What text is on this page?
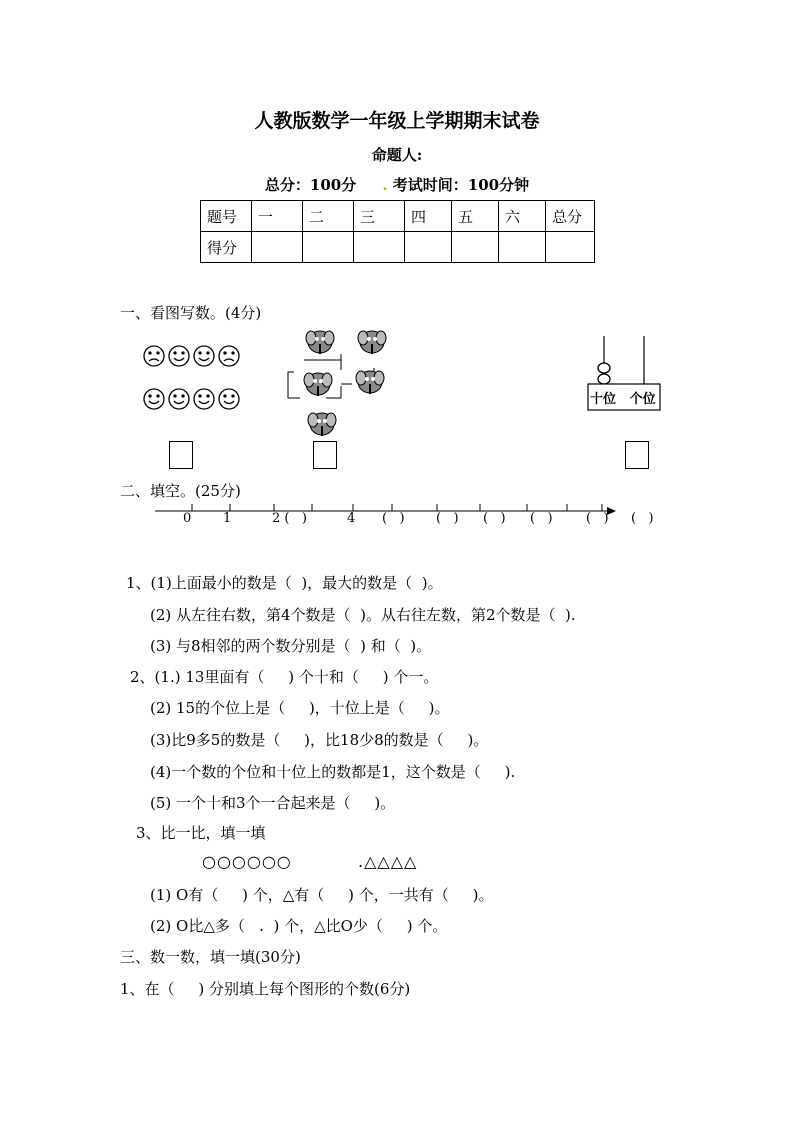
人教版数学一年级上学期期末试卷
命题人:
总分：100分 . 考试时间：100分钟
题号	一	二	三	四	五	六	总分
得分							
一、看图写数。(4分)
十位 个位
二、填空。(25分)
0 1	2 (   )	4 (   ) (   ) (   ) (   )	(   ) (   )
1、(1)上面最小的数是（  )，最大的数是（  )。
(2) 从左往右数，第4个数是（  )。从右往左数，第2个数是（  ).
(3) 与8相邻的两个数分别是（  ) 和（  )。
2、(1.) 13里面有（     ) 个十和（     ) 个一。
(2) 15的个位上是（     )，十位上是（     )。
(3)比9多5的数是（     )，比18少8的数是（     )。
(4)一个数的个位和十位上的数都是1，这个数是（     ).
(5) 一个十和3个一合起来是（     )。
3、比一比，填一填
○○○○○○	.△△△△
(1) O有（     ) 个，△有（     ) 个，一共有（     )。
(2) O比△多（   .  ) 个，△比O少（     ) 个。
三、数一数，填一填(30分)
1、在（     ) 分别填上每个图形的个数(6分)
